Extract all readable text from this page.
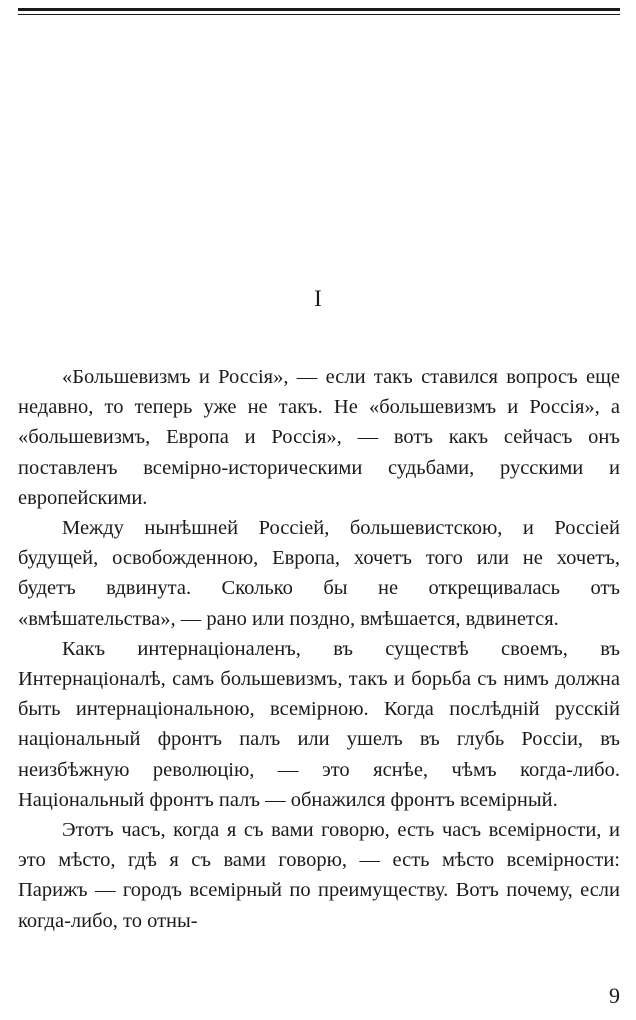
I

«Большевизмъ и Россія», — если такъ ставился вопросъ еще недавно, то теперь уже не такъ. Не «большевизмъ и Россія», а «большевизмъ, Европа и Россія», — вотъ какъ сейчасъ онъ поставленъ всемірно-историческими судьбами, русскими и европейскими.

Между нынѣшней Россіей, большевистскою, и Россіей будущей, освобожденною, Европа, хочетъ того или не хочетъ, будетъ вдвинута. Сколько бы не открещивалась отъ «вмѣшательства», — рано или поздно, вмѣшается, вдвинется.

Какъ интернаціоналенъ, въ существѣ своемъ, въ Интернаціоналѣ, самъ большевизмъ, такъ и борьба съ нимъ должна быть интернаціональною, всемірною. Когда послѣдній русскій національный фронтъ палъ или ушелъ въ глубь Россіи, въ неизбѣжную революцію, — это яснѣе, чѣмъ когда-либо. Національный фронтъ палъ — обнажился фронтъ всемірный.

Этотъ часъ, когда я съ вами говорю, есть часъ всемірности, и это мѣсто, гдѣ я съ вами говорю, — есть мѣсто всемірности: Парижъ — городъ всемірный по преимуществу. Вотъ почему, если когда-либо, то отны-

9
